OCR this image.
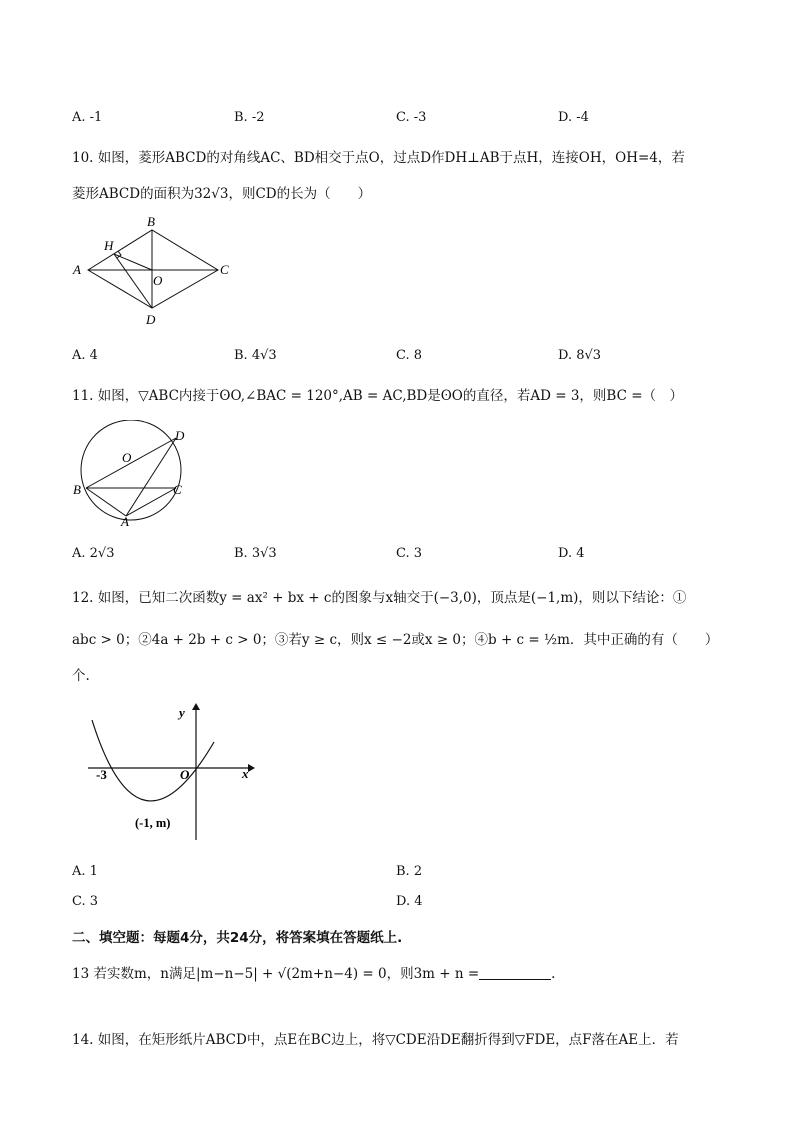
A. -1	B. -2	C. -3	D. -4
10. 如图，菱形ABCD的对角线AC、BD相交于点O，过点D作DH⊥AB于点H，连接OH，OH=4，若
菱形ABCD的面积为32√3，则CD的长为（　　）
B
H
A
O
C
D
A. 4	B. 4√3	C. 8	D. 8√3
11. 如图，▽ABC内接于ʘO,∠BAC = 120°,AB = AC,BD是ʘO的直径，若AD = 3，则BC =（　）
D
O
B	C
A
A. 2√3	B. 3√3	C. 3	D. 4
12. 如图，已知二次函数y = ax² + bx + c的图象与x轴交于(−3,0)，顶点是(−1,m)，则以下结论：①
abc > 0；②4a + 2b + c > 0；③若y ≥ c，则x ≤ −2或x ≥ 0；④b + c = ½m．其中正确的有（　　）
个.
y
x
O
-3
(-1, m)
A. 1	B. 2
C. 3	D. 4
二、填空题：每题4分，共24分，将答案填在答题纸上.
13 若实数m，n满足|m−n−5| + √(2m+n−4) = 0，则3m + n =	.
14. 如图，在矩形纸片ABCD中，点E在BC边上，将▽CDE沿DE翻折得到▽FDE，点F落在AE上．若
